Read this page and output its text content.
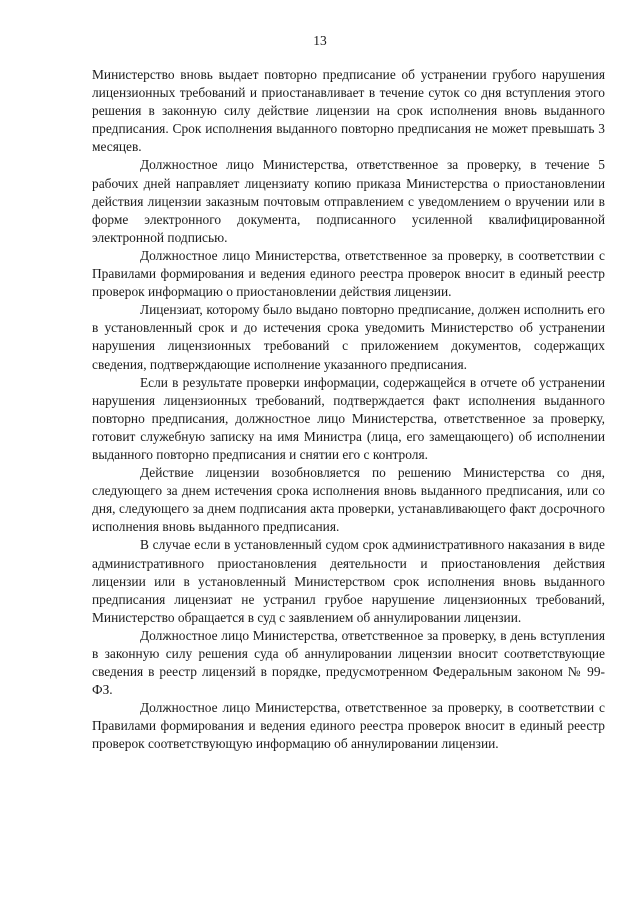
13

Министерство вновь выдает повторно предписание об устранении грубого нарушения лицензионных требований и приостанавливает в течение суток со дня вступления этого решения в законную силу действие лицензии на срок исполнения вновь выданного предписания. Срок исполнения выданного повторно предписания не может превышать 3 месяцев.

Должностное лицо Министерства, ответственное за проверку, в течение 5 рабочих дней направляет лицензиату копию приказа Министерства о приостановлении действия лицензии заказным почтовым отправлением с уведомлением о вручении или в форме электронного документа, подписанного усиленной квалифицированной электронной подписью.

Должностное лицо Министерства, ответственное за проверку, в соответствии с Правилами формирования и ведения единого реестра проверок вносит в единый реестр проверок информацию о приостановлении действия лицензии.

Лицензиат, которому было выдано повторно предписание, должен исполнить его в установленный срок и до истечения срока уведомить Министерство об устранении нарушения лицензионных требований с приложением документов, содержащих сведения, подтверждающие исполнение указанного предписания.

Если в результате проверки информации, содержащейся в отчете об устранении нарушения лицензионных требований, подтверждается факт исполнения выданного повторно предписания, должностное лицо Министерства, ответственное за проверку, готовит служебную записку на имя Министра (лица, его замещающего) об исполнении выданного повторно предписания и снятии его с контроля.

Действие лицензии возобновляется по решению Министерства со дня, следующего за днем истечения срока исполнения вновь выданного предписания, или со дня, следующего за днем подписания акта проверки, устанавливающего факт досрочного исполнения вновь выданного предписания.

В случае если в установленный судом срок административного наказания в виде административного приостановления деятельности и приостановления действия лицензии или в установленный Министерством срок исполнения вновь выданного предписания лицензиат не устранил грубое нарушение лицензионных требований, Министерство обращается в суд с заявлением об аннулировании лицензии.

Должностное лицо Министерства, ответственное за проверку, в день вступления в законную силу решения суда об аннулировании лицензии вносит соответствующие сведения в реестр лицензий в порядке, предусмотренном Федеральным законом № 99-ФЗ.

Должностное лицо Министерства, ответственное за проверку, в соответствии с Правилами формирования и ведения единого реестра проверок вносит в единый реестр проверок соответствующую информацию об аннулировании лицензии.
